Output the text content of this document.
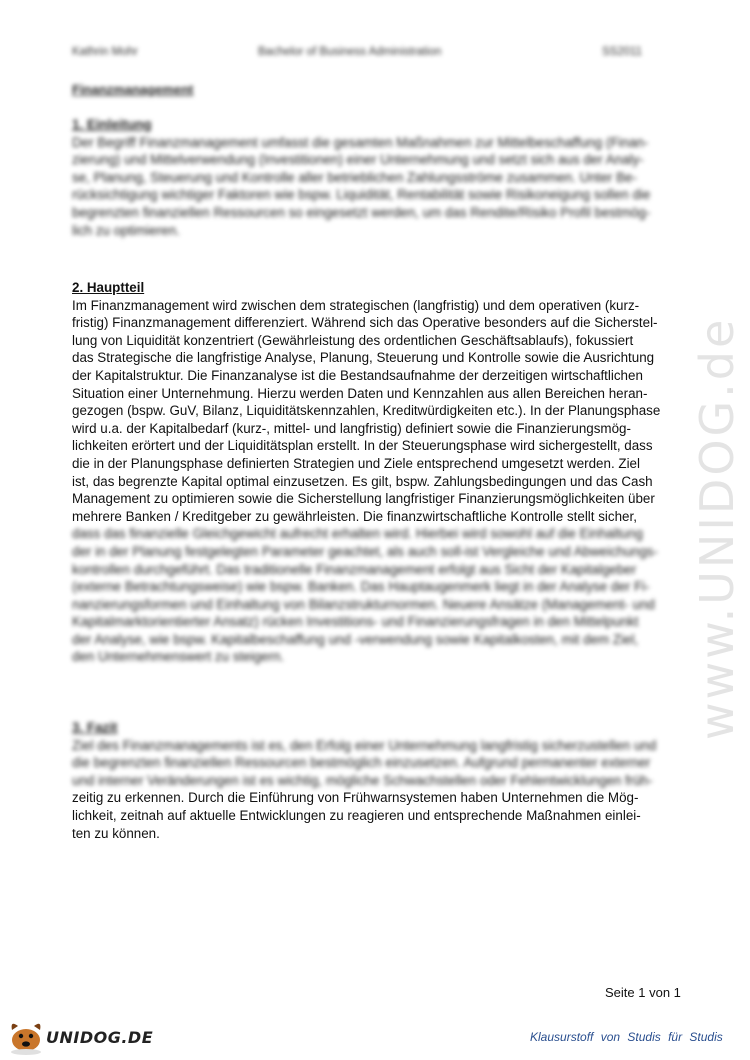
www.UNIDOG.de
Kathrin Mohr	Bachelor of Business Administration	SS2011
Finanzmanagement
1. Einleitung
Der Begriff Finanzmanagement umfasst die gesamten Maßnahmen zur Mittelbeschaffung (Finan-
zierung) und Mittelverwendung (Investitionen) einer Unternehmung und setzt sich aus der Analy-
se, Planung, Steuerung und Kontrolle aller betrieblichen Zahlungsströme zusammen. Unter Be-
rücksichtigung wichtiger Faktoren wie bspw. Liquidität, Rentabilität sowie Risikoneigung sollen die
begrenzten finanziellen Ressourcen so eingesetzt werden, um das Rendite/Risiko Profil bestmög-
lich zu optimieren.
2. Hauptteil
Im Finanzmanagement wird zwischen dem strategischen (langfristig) und dem operativen (kurz-
fristig) Finanzmanagement differenziert. Während sich das Operative besonders auf die Sicherstel-
lung von Liquidität konzentriert (Gewährleistung des ordentlichen Geschäftsablaufs), fokussiert
das Strategische die langfristige Analyse, Planung, Steuerung und Kontrolle sowie die Ausrichtung
der Kapitalstruktur. Die Finanzanalyse ist die Bestandsaufnahme der derzeitigen wirtschaftlichen
Situation einer Unternehmung. Hierzu werden Daten und Kennzahlen aus allen Bereichen heran-
gezogen (bspw. GuV, Bilanz, Liquiditätskennzahlen, Kreditwürdigkeiten etc.). In der Planungsphase
wird u.a. der Kapitalbedarf (kurz-, mittel- und langfristig) definiert sowie die Finanzierungsmög-
lichkeiten erörtert und der Liquiditätsplan erstellt. In der Steuerungsphase wird sichergestellt, dass
die in der Planungsphase definierten Strategien und Ziele entsprechend umgesetzt werden. Ziel
ist, das begrenzte Kapital optimal einzusetzen. Es gilt, bspw. Zahlungsbedingungen und das Cash
Management zu optimieren sowie die Sicherstellung langfristiger Finanzierungsmöglichkeiten über
mehrere Banken / Kreditgeber zu gewährleisten. Die finanzwirtschaftliche Kontrolle stellt sicher,
dass das finanzielle Gleichgewicht aufrecht erhalten wird. Hierbei wird sowohl auf die Einhaltung
der in der Planung festgelegten Parameter geachtet, als auch soll-ist Vergleiche und Abweichungs-
kontrollen durchgeführt. Das traditionelle Finanzmanagement erfolgt aus Sicht der Kapitalgeber
(externe Betrachtungsweise) wie bspw. Banken. Das Hauptaugenmerk liegt in der Analyse der Fi-
nanzierungsformen und Einhaltung von Bilanzstrukturnormen. Neuere Ansätze (Management- und
Kapitalmarktorientierter Ansatz) rücken Investitions- und Finanzierungsfragen in den Mittelpunkt
der Analyse, wie bspw. Kapitalbeschaffung und -verwendung sowie Kapitalkosten, mit dem Ziel,
den Unternehmenswert zu steigern.
3. Fazit
Ziel des Finanzmanagements ist es, den Erfolg einer Unternehmung langfristig sicherzustellen und
die begrenzten finanziellen Ressourcen bestmöglich einzusetzen. Aufgrund permanenter externer
und interner Veränderungen ist es wichtig, mögliche Schwachstellen oder Fehlentwicklungen früh-
zeitig zu erkennen. Durch die Einführung von Frühwarnsystemen haben Unternehmen die Mög-
lichkeit, zeitnah auf aktuelle Entwicklungen zu reagieren und entsprechende Maßnahmen einlei-
ten zu können.
Seite 1 von 1
UNIDOG.DE	Klausurstoff von Studis für Studis
